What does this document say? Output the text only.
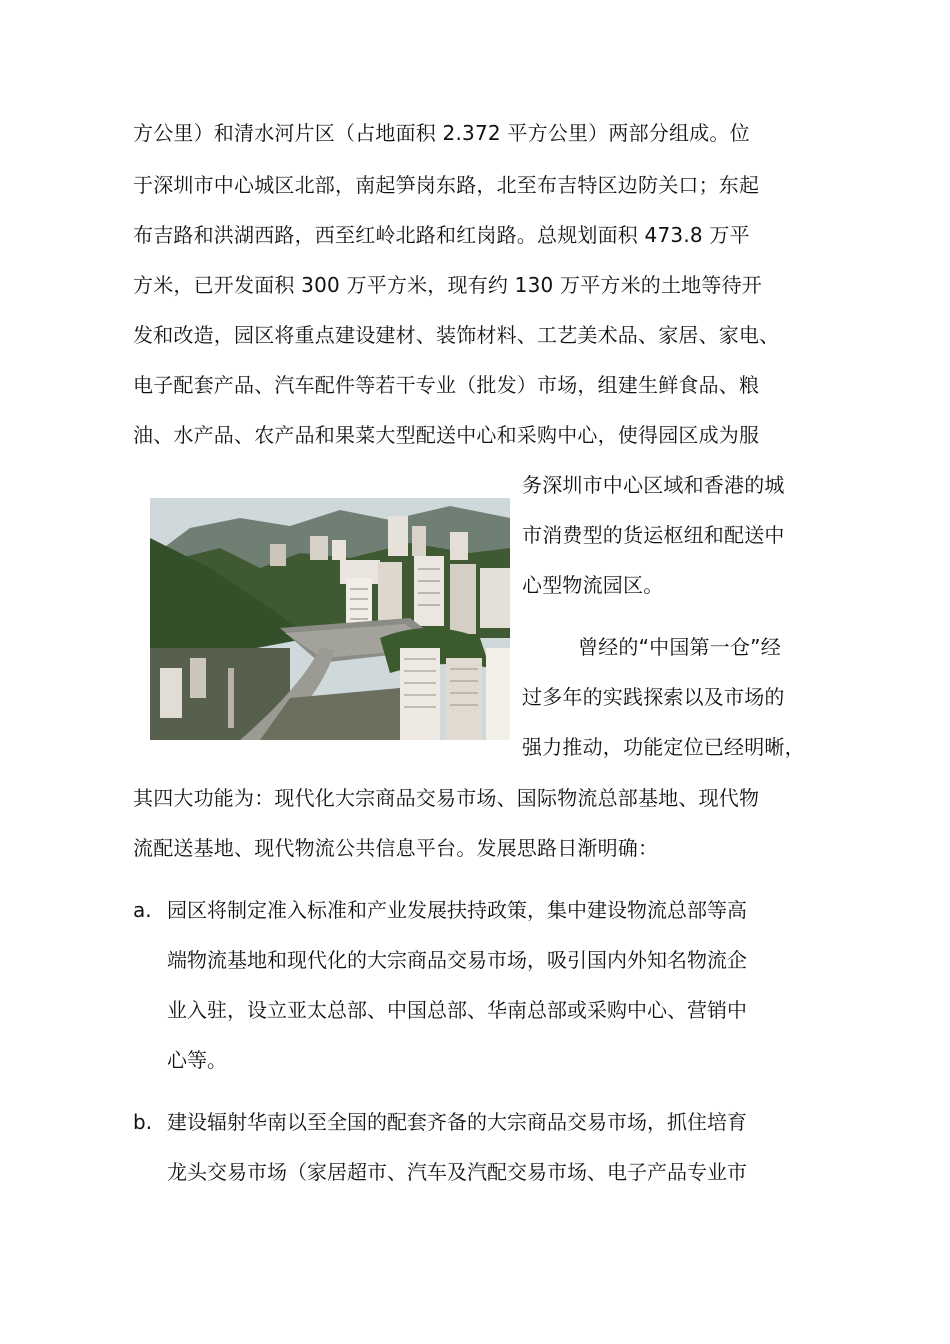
方公里）和清水河片区（占地面积 2.372 平方公里）两部分组成。位
于深圳市中心城区北部，南起笋岗东路，北至布吉特区边防关口；东起
布吉路和洪湖西路，西至红岭北路和红岗路。总规划面积 473.8 万平
方米，已开发面积 300 万平方米，现有约 130 万平方米的土地等待开
发和改造，园区将重点建设建材、装饰材料、工艺美术品、家居、家电、
电子配套产品、汽车配件等若干专业（批发）市场，组建生鲜食品、粮
油、水产品、农产品和果菜大型配送中心和采购中心，使得园区成为服
务深圳市中心区域和香港的城
市消费型的货运枢纽和配送中
心型物流园区。
曾经的“中国第一仓”经
过多年的实践探索以及市场的
强力推动，功能定位已经明晰，
其四大功能为：现代化大宗商品交易市场、国际物流总部基地、现代物
流配送基地、现代物流公共信息平台。发展思路日渐明确：
a. 园区将制定准入标准和产业发展扶持政策，集中建设物流总部等高
端物流基地和现代化的大宗商品交易市场，吸引国内外知名物流企
业入驻，设立亚太总部、中国总部、华南总部或采购中心、营销中
心等。
b. 建设辐射华南以至全国的配套齐备的大宗商品交易市场，抓住培育
龙头交易市场（家居超市、汽车及汽配交易市场、电子产品专业市
